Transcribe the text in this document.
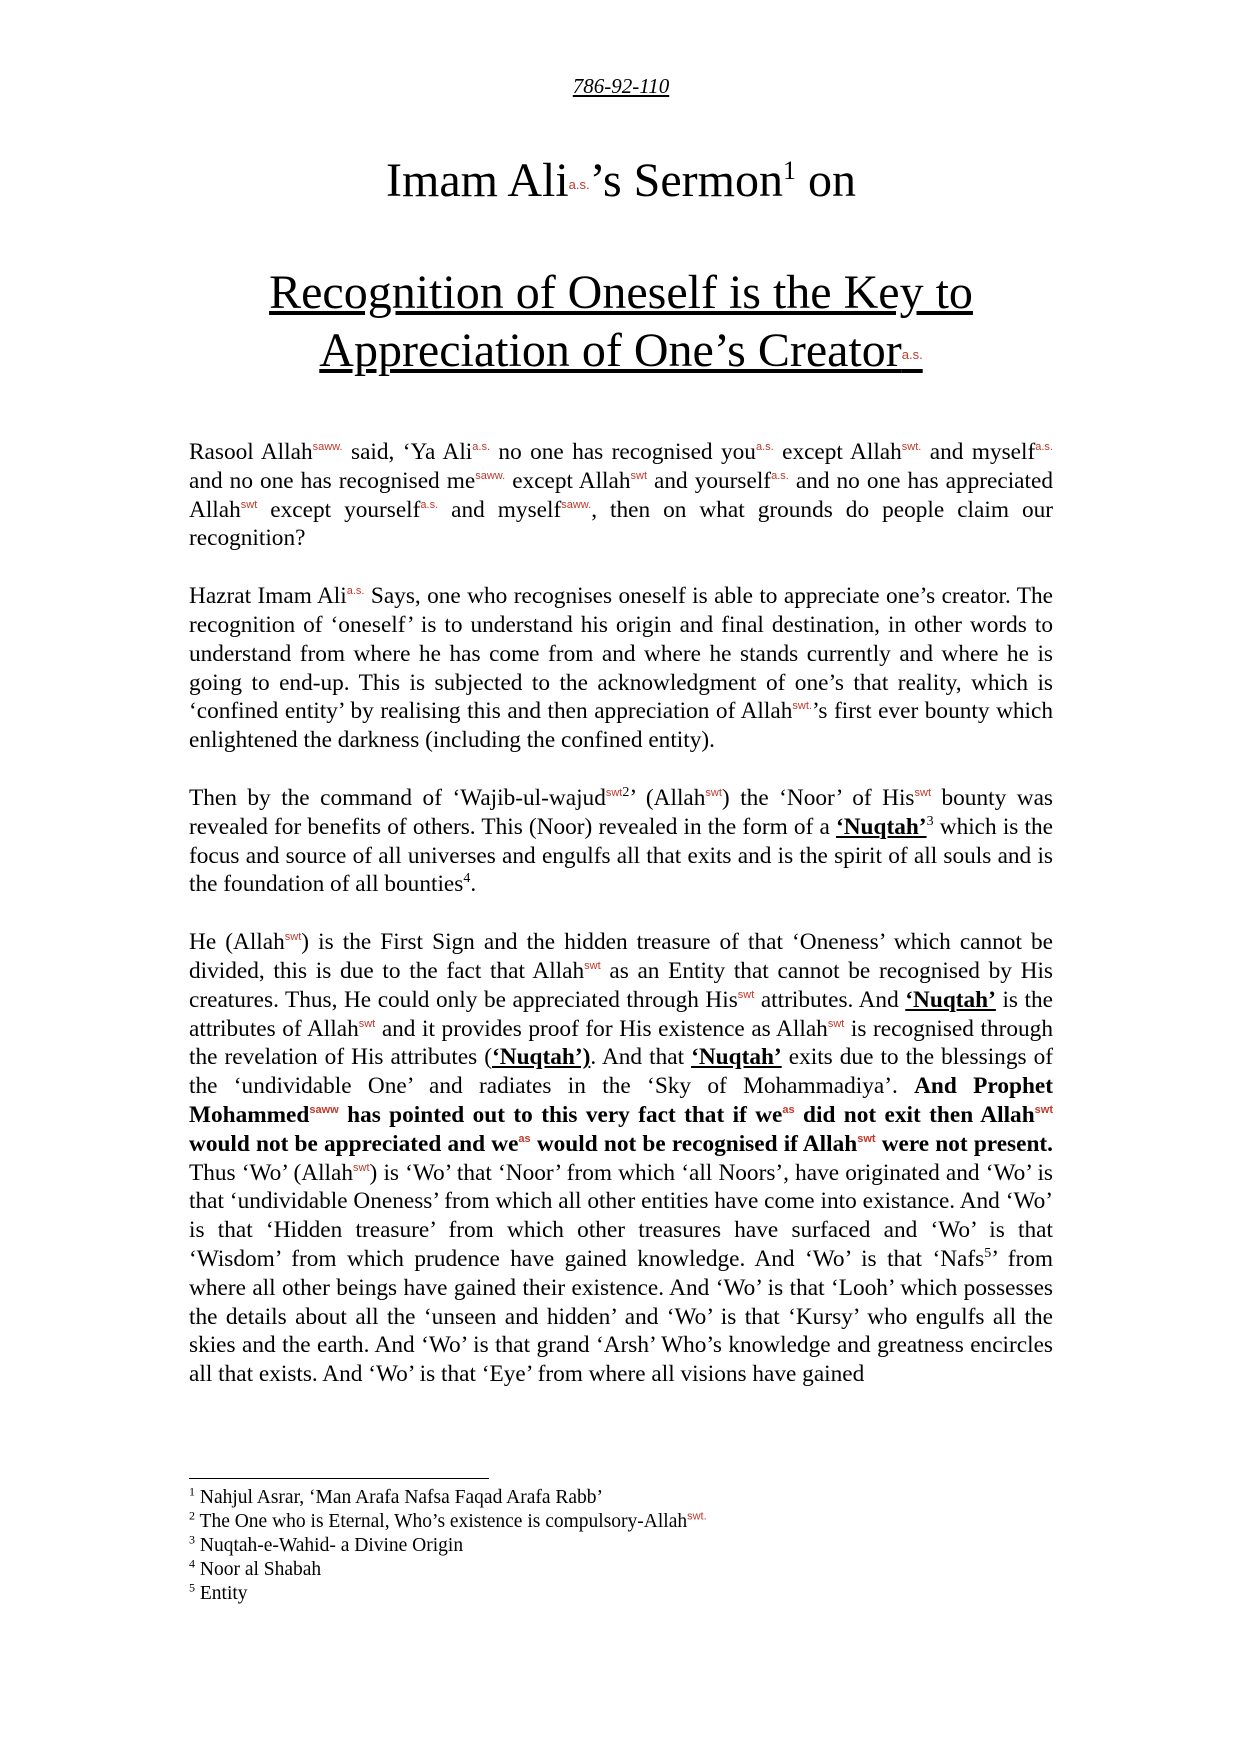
786-92-110
Imam Alia.s.’s Sermon$^1$ on
Recognition of Oneself is the Key to
Appreciation of One’s Creatora.s.

Rasool Allah$^{saww.}$ said, ‘Ya Ali$^{a.s.}$ no one has recognised you$^{a.s.}$ except Allah$^{swt.}$ and myself$^{a.s.}$ and no one has recognised $me^{saww.}$ except Allah$^{swt}$ and yourself$^{a.s.}$ and no one has appreciated Allah$^{swt}$ except yourself$^{a.s.}$ and myself$^{saww.}$, then on what grounds do people claim our recognition?

Hazrat Imam Ali$^{a.s.}$ Says, one who recognises oneself is able to appreciate one’s creator. The recognition of ‘oneself’ is to understand his origin and final destination, in other words to understand from where he has come from and where he stands currently and where he is going to end-up. This is subjected to the acknowledgment of one’s that reality, which is ‘confined entity’ by realising this and then appreciation of Allah$^{swt.}$’s first ever bounty which enlightened the darkness (including the confined entity).

Then by the command of ‘Wajib-ul-wajud$^{swt2}$’ (Allah$^{swt}$) the ‘Noor’ of His$^{swt}$ bounty was revealed for benefits of others. This (Noor) revealed in the form of a ‘Nuqtah’$^3$ which is the focus and source of all universes and engulfs all that exits and is the spirit of all souls and is the foundation of all bounties$^4$.

He (Allah$^{swt}$) is the First Sign and the hidden treasure of that ‘Oneness’ which cannot be divided, this is due to the fact that Allah$^{swt}$ as an Entity that cannot be recognised by His creatures. Thus, He could only be appreciated through His$^{swt}$ attributes. And ‘Nuqtah’ is the attributes of Allah$^{swt}$ and it provides proof for His existence as Allah$^{swt}$ is recognised through the revelation of His attributes (‘Nuqtah’). And that ‘Nuqtah’ exits due to the blessings of the ‘undividable One’ and radiates in the ‘Sky of Mohammadiya’. And Prophet Mohammed$^{saww}$ has pointed out to this very fact that if $we^{as}$ did not exit then Allah$^{swt}$ would not be appreciated and $we^{as}$ would not be recognised if Allah$^{swt}$ were not present. Thus ‘Wo’ (Allah$^{swt}$) is ‘Wo’ that ‘Noor’ from which ‘all Noors’, have originated and ‘Wo’ is that ‘undividable Oneness’ from which all other entities have come into existance. And ‘Wo’ is that ‘Hidden treasure’ from which other treasures have surfaced and ‘Wo’ is that ‘Wisdom’ from which prudence have gained knowledge. And ‘Wo’ is that ‘Nafs$^5$’ from where all other beings have gained their existence. And ‘Wo’ is that ‘Looh’ which possesses the details about all the ‘unseen and hidden’ and ‘Wo’ is that ‘Kursy’ who engulfs all the skies and the earth. And ‘Wo’ is that grand ‘Arsh’ Who’s knowledge and greatness encircles all that exists. And ‘Wo’ is that ‘Eye’ from where all visions have gained

$^1$ Nahjul Asrar, ‘Man Arafa Nafsa Faqad Arafa Rabb’
$^2$ The One who is Eternal, Who’s existence is compulsory-Allah$^{swt.}$
$^3$ Nuqtah-e-Wahid- a Divine Origin
$^4$ Noor al Shabah
$^5$ Entity
